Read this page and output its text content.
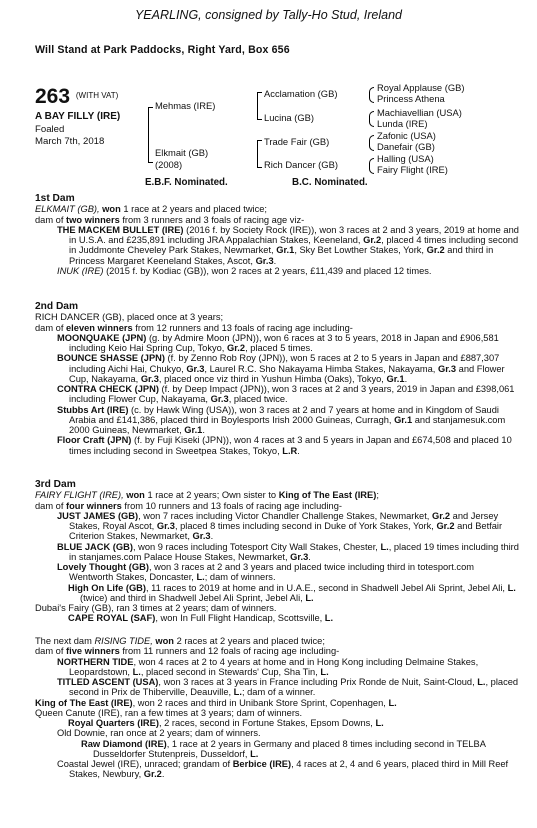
YEARLING, consigned by Tally-Ho Stud, Ireland
Will Stand at Park Paddocks, Right Yard, Box 656
263 (WITH VAT)
A BAY FILLY (IRE)
Foaled
March 7th, 2018
Mehmas (IRE)
Elkmait (GB)
(2008)
Acclamation (GB)
Lucina (GB)
Trade Fair (GB)
Rich Dancer (GB)
Royal Applause (GB)
Princess Athena
Machiavellian (USA)
Lunda (IRE)
Zafonic (USA)
Danefair (GB)
Halling (USA)
Fairy Flight (IRE)
E.B.F. Nominated.	B.C. Nominated.

1st Dam

ELKMAIT (GB), won 1 race at 2 years and placed twice;

dam of two winners from 3 runners and 3 foals of racing age viz-

THE MACKEM BULLET (IRE) (2016 f. by Society Rock (IRE)), won 3 races at 2 and 3 years, 2019 at home and in U.S.A. and £235,891 including JRA Appalachian Stakes, Keeneland, Gr.2, placed 4 times including second in Juddmonte Cheveley Park Stakes, Newmarket, Gr.1, Sky Bet Lowther Stakes, York, Gr.2 and third in Princess Margaret Keeneland Stakes, Ascot, Gr.3.

INUK (IRE) (2015 f. by Kodiac (GB)), won 2 races at 2 years, £11,439 and placed 12 times.

2nd Dam

RICH DANCER (GB), placed once at 3 years;

dam of eleven winners from 12 runners and 13 foals of racing age including-

MOONQUAKE (JPN) (g. by Admire Moon (JPN)), won 6 races at 3 to 5 years, 2018 in Japan and £906,581 including Keio Hai Spring Cup, Tokyo, Gr.2, placed 5 times.

BOUNCE SHASSE (JPN) (f. by Zenno Rob Roy (JPN)), won 5 races at 2 to 5 years in Japan and £887,307 including Aichi Hai, Chukyo, Gr.3, Laurel R.C. Sho Nakayama Himba Stakes, Nakayama, Gr.3 and Flower Cup, Nakayama, Gr.3, placed once viz third in Yushun Himba (Oaks), Tokyo, Gr.1.

CONTRA CHECK (JPN) (f. by Deep Impact (JPN)), won 3 races at 2 and 3 years, 2019 in Japan and £398,061 including Flower Cup, Nakayama, Gr.3, placed twice.

Stubbs Art (IRE) (c. by Hawk Wing (USA)), won 3 races at 2 and 7 years at home and in Kingdom of Saudi Arabia and £141,386, placed third in Boylesports Irish 2000 Guineas, Curragh, Gr.1 and stanjamesuk.com 2000 Guineas, Newmarket, Gr.1.

Floor Craft (JPN) (f. by Fuji Kiseki (JPN)), won 4 races at 3 and 5 years in Japan and £674,508 and placed 10 times including second in Sweetpea Stakes, Tokyo, L.R.

3rd Dam

FAIRY FLIGHT (IRE), won 1 race at 2 years; Own sister to King of The East (IRE);

dam of four winners from 10 runners and 13 foals of racing age including-

JUST JAMES (GB), won 7 races including Victor Chandler Challenge Stakes, Newmarket, Gr.2 and Jersey Stakes, Royal Ascot, Gr.3, placed 8 times including second in Duke of York Stakes, York, Gr.2 and Betfair Criterion Stakes, Newmarket, Gr.3.

BLUE JACK (GB), won 9 races including Totesport City Wall Stakes, Chester, L., placed 19 times including third in stanjames.com Palace House Stakes, Newmarket, Gr.3.

Lovely Thought (GB), won 3 races at 2 and 3 years and placed twice including third in totesport.com Wentworth Stakes, Doncaster, L.; dam of winners.

High On Life (GB), 11 races to 2019 at home and in U.A.E., second in Shadwell Jebel Ali Sprint, Jebel Ali, L. (twice) and third in Shadwell Jebel Ali Sprint, Jebel Ali, L.

Dubai's Fairy (GB), ran 3 times at 2 years; dam of winners.

CAPE ROYAL (SAF), won In Full Flight Handicap, Scottsville, L.

The next dam RISING TIDE, won 2 races at 2 years and placed twice;

dam of five winners from 11 runners and 12 foals of racing age including-

NORTHERN TIDE, won 4 races at 2 to 4 years at home and in Hong Kong including Delmaine Stakes, Leopardstown, L., placed second in Stewards' Cup, Sha Tin, L.

TITLED ASCENT (USA), won 3 races at 3 years in France including Prix Ronde de Nuit, Saint-Cloud, L., placed second in Prix de Thiberville, Deauville, L.; dam of a winner.

King of The East (IRE), won 2 races and third in Unibank Store Sprint, Copenhagen, L.

Queen Canute (IRE), ran a few times at 3 years; dam of winners.

Royal Quarters (IRE), 2 races, second in Fortune Stakes, Epsom Downs, L.

Old Downie, ran once at 2 years; dam of winners.

Raw Diamond (IRE), 1 race at 2 years in Germany and placed 8 times including second in TELBA Dusseldorfer Stutenpreis, Dusseldorf, L.

Coastal Jewel (IRE), unraced; grandam of Berbice (IRE), 4 races at 2, 4 and 6 years, placed third in Mill Reef Stakes, Newbury, Gr.2.
